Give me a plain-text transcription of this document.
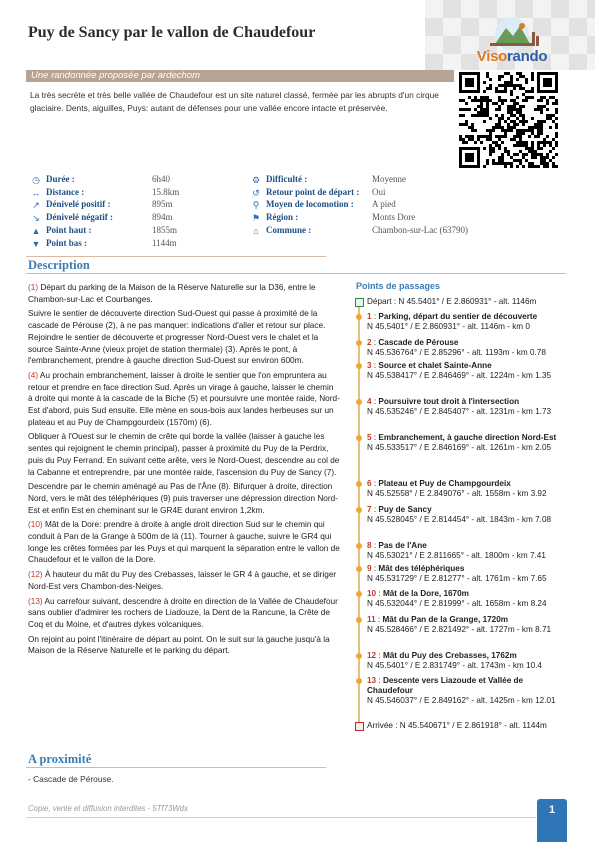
Puy de Sancy par le vallon de Chaudefour
Visorando
Une randonnée proposée par ardechom
La très secrète et très belle vallée de Chaudefour est un site naturel classé, fermée par les abrupts d'un cirque glaciaire. Dents, aiguilles, Puys: autant de défenses pour une vallée encore intacte et préservée.
◷ Durée :	6h40
↔ Distance :	15.8km
↗ Dénivelé positif :	895m
↘ Dénivelé négatif :	894m
▲ Point haut :	1855m
▼ Point bas :	1144m
⚙ Difficulté :	Moyenne
↺ Retour point de départ : Oui
⚲ Moyen de locomotion : A pied
⚑ Région :	Monts Dore
⌂ Commune :	Chambon-sur-Lac (63790)
Description

(1) Départ du parking de la Maison de la Réserve Naturelle sur la D36, entre le Chambon-sur-Lac et Courbanges.

Suivre le sentier de découverte direction Sud-Ouest qui passe à proximité de la cascade de Pérouse (2), à ne pas manquer: indications d'aller et retour sur place. Rejoindre le sentier de découverte et progresser Nord-Ouest vers le chalet et la source Sainte-Anne (vieux projet de station thermale) (3). Après le pont, à l'embranchement, prendre à gauche direction Sud-Ouest sur environ 600m.

(4) Au prochain embranchement, laisser à droite le sentier que l'on empruntera au retour et prendre en face direction Sud. Après un virage à gauche, laisser le chemin à droite qui monte à la cascade de la Biche (5) et poursuivre une montée raide, Nord-Est d'abord, puis Sud ensuite. Elle mène en sous-bois aux landes herbeuses sur un plateau et au Puy de Champgourdeix (1570m) (6).

Obliquer à l'Ouest sur le chemin de crête qui borde la vallée (laisser à gauche les sentes qui rejoignent le chemin principal), passer à proximité du Puy de la Perdrix, puis du Puy Ferrand. En suivant cette arête, vers le Nord-Ouest, descendre au col de la Cabanne et entreprendre, par une montée raide, l'ascension du Puy de Sancy (7).

Descendre par le chemin aménagé au Pas de l'Âne (8). Bifurquer à droite, direction Nord, vers le mât des téléphériques (9) puis traverser une dépression direction Nord-Est et enfin Est en cheminant sur le GR4E durant environ 1,2km.

(10) Mât de la Dore: prendre à droite à angle droit direction Sud sur le chemin qui conduit à Pan de la Grange à 500m de là (11). Tourner à gauche, suivre le GR4 qui longe les crêtes formées par les Puys et qui marquent la séparation entre le vallon de Chaudefour et le vallon de la Dore.

(12) À hauteur du mât du Puy des Crebasses, laisser le GR 4 à gauche, et se diriger Nord-Est vers Chambon-des-Neiges.

(13) Au carrefour suivant, descendre à droite en direction de la Vallée de Chaudefour sans oublier d'admirer les rochers de Liadouze, la Dent de la Rancune, la Crête de Coq et du Moine, et d'autres dykes volcaniques.

On rejoint au point l'itinéraire de départ au point. On le suit sur la gauche jusqu'à la Maison de la Réserve Naturelle et le parking du départ.

Points de passages
Départ : N 45.5401° / E 2.860931° - alt. 1146m
1 : Parking, départ du sentier de découverte
N 45.5401° / E 2.860931° - alt. 1146m - km 0
2 : Cascade de Pérouse
N 45.536764° / E 2.85296° - alt. 1193m - km 0.78
3 : Source et chalet Sainte-Anne
N 45.538417° / E 2.846469° - alt. 1224m - km 1.35
4 : Poursuivre tout droit à l'intersection
N 45.535246° / E 2.845407° - alt. 1231m - km 1.73
5 : Embranchement, à gauche direction Nord-Est
N 45.533517° / E 2.846169° - alt. 1261m - km 2.05
6 : Plateau et Puy de Champgourdeix
N 45.52558° / E 2.849076° - alt. 1558m - km 3.92
7 : Puy de Sancy
N 45.528045° / E 2.814454° - alt. 1843m - km 7.08
8 : Pas de l'Ane
N 45.53021° / E 2.811665° - alt. 1800m - km 7.41
9 : Mât des téléphériques
N 45.531729° / E 2.81277° - alt. 1761m - km 7.65
10 : Mât de la Dore, 1670m
N 45.532044° / E 2.81999° - alt. 1658m - km 8.24
11 : Mât du Pan de la Grange, 1720m
N 45.528466° / E 2.821492° - alt. 1727m - km 8.71
12 : Mât du Puy des Crebasses, 1762m
N 45.5401° / E 2.831749° - alt. 1743m - km 10.4
13 : Descente vers Liazoude et Vallée de Chaudefour
N 45.546037° / E 2.849162° - alt. 1425m - km 12.01
Arrivée : N 45.540671° / E 2.861918° - alt. 1144m
A proximité
- Cascade de Pérouse.
Copie, vente et diffusion interdites - 5Tf73Wdx	1
